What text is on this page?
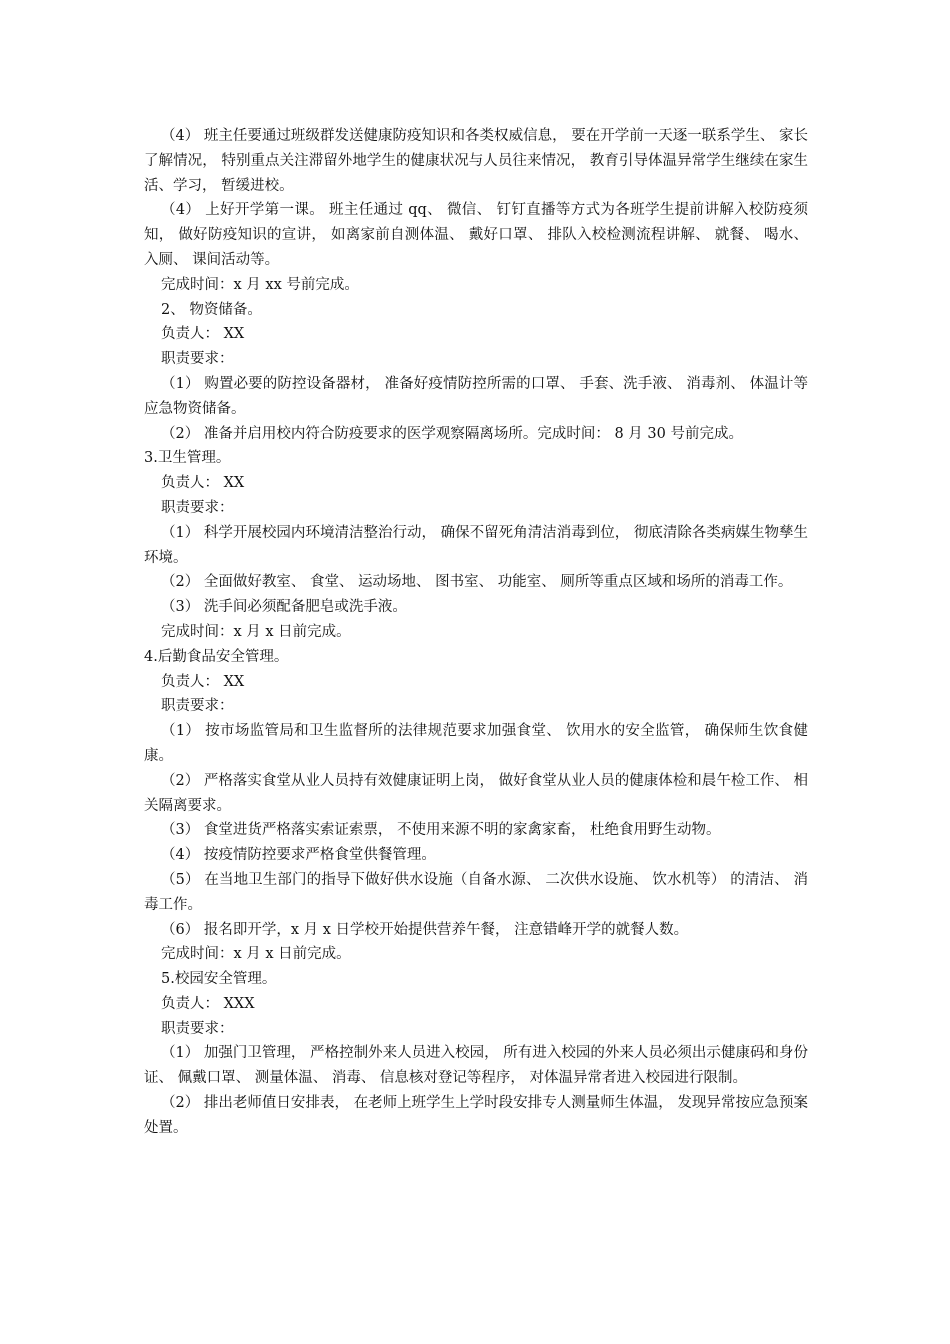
（4） 班主任要通过班级群发送健康防疫知识和各类权威信息， 要在开学前一天逐一联系学生、 家长了解情况， 特别重点关注滞留外地学生的健康状况与人员往来情况， 教育引导体温异常学生继续在家生活、学习， 暂缓进校。

（4） 上好开学第一课。 班主任通过 qq、 微信、 钉钉直播等方式为各班学生提前讲解入校防疫须知， 做好防疫知识的宣讲， 如离家前自测体温、 戴好口罩、 排队入校检测流程讲解、 就餐、 喝水、 入厕、 课间活动等。

完成时间：x 月 xx 号前完成。

2、 物资储备。

负责人： XX

职责要求：

（1） 购置必要的防控设备器材， 准备好疫情防控所需的口罩、 手套、洗手液、 消毒剂、 体温计等应急物资储备。

（2） 准备并启用校内符合防疫要求的医学观察隔离场所。完成时间： 8 月 30 号前完成。

3.卫生管理。

负责人： XX

职责要求：

（1） 科学开展校园内环境清洁整治行动， 确保不留死角清洁消毒到位， 彻底清除各类病媒生物孳生环境。

（2） 全面做好教室、 食堂、 运动场地、 图书室、 功能室、 厕所等重点区域和场所的消毒工作。

（3） 洗手间必须配备肥皂或洗手液。

完成时间：x 月 x 日前完成。

4.后勤食品安全管理。

负责人： XX

职责要求：

（1） 按市场监管局和卫生监督所的法律规范要求加强食堂、 饮用水的安全监管， 确保师生饮食健康。

（2） 严格落实食堂从业人员持有效健康证明上岗， 做好食堂从业人员的健康体检和晨午检工作、 相关隔离要求。

（3） 食堂进货严格落实索证索票， 不使用来源不明的家禽家畜， 杜绝食用野生动物。

（4） 按疫情防控要求严格食堂供餐管理。

（5） 在当地卫生部门的指导下做好供水设施（自备水源、 二次供水设施、 饮水机等） 的清洁、 消毒工作。

（6） 报名即开学，x 月 x 日学校开始提供营养午餐， 注意错峰开学的就餐人数。

完成时间：x 月 x 日前完成。

5.校园安全管理。

负责人： XXX

职责要求：

（1） 加强门卫管理， 严格控制外来人员进入校园， 所有进入校园的外来人员必须出示健康码和身份证、 佩戴口罩、 测量体温、 消毒、 信息核对登记等程序， 对体温异常者进入校园进行限制。

（2） 排出老师值日安排表， 在老师上班学生上学时段安排专人测量师生体温， 发现异常按应急预案处置。
